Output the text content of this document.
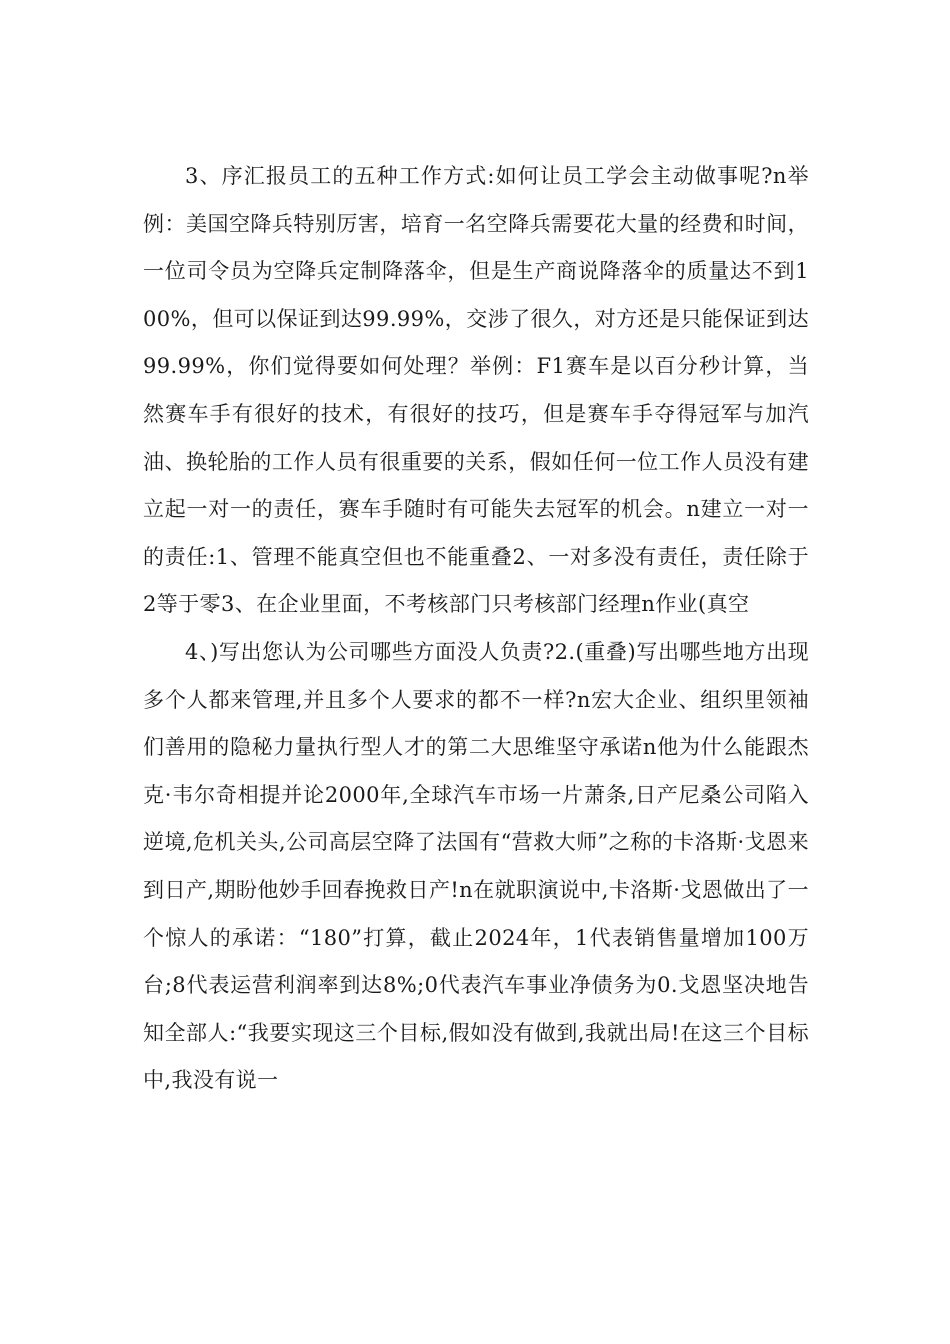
3、序汇报员工的五种工作方式:如何让员工学会主动做事呢?n举例：美国空降兵特别厉害，培育一名空降兵需要花大量的经费和时间，一位司令员为空降兵定制降落伞，但是生产商说降落伞的质量达不到100%，但可以保证到达99.99%，交涉了很久，对方还是只能保证到达99.99%，你们觉得要如何处理？举例：F1赛车是以百分秒计算，当然赛车手有很好的技术，有很好的技巧，但是赛车手夺得冠军与加汽油、换轮胎的工作人员有很重要的关系，假如任何一位工作人员没有建立起一对一的责任，赛车手随时有可能失去冠军的机会。n建立一对一的责任:1、管理不能真空但也不能重叠2、一对多没有责任，责任除于2等于零3、在企业里面，不考核部门只考核部门经理n作业(真空

4、)写出您认为公司哪些方面没人负责?2.(重叠)写出哪些地方出现多个人都来管理,并且多个人要求的都不一样?n宏大企业、组织里领袖们善用的隐秘力量执行型人才的第二大思维坚守承诺n他为什么能跟杰克·韦尔奇相提并论2000年,全球汽车市场一片萧条,日产尼桑公司陷入逆境,危机关头,公司高层空降了法国有“营救大师”之称的卡洛斯·戈恩来到日产,期盼他妙手回春挽救日产!n在就职演说中,卡洛斯·戈恩做出了一个惊人的承诺：“180”打算，截止2024年，1代表销售量增加100万台;8代表运营利润率到达8%;0代表汽车事业净债务为0.戈恩坚决地告知全部人:“我要实现这三个目标,假如没有做到,我就出局!在这三个目标中,我没有说一
